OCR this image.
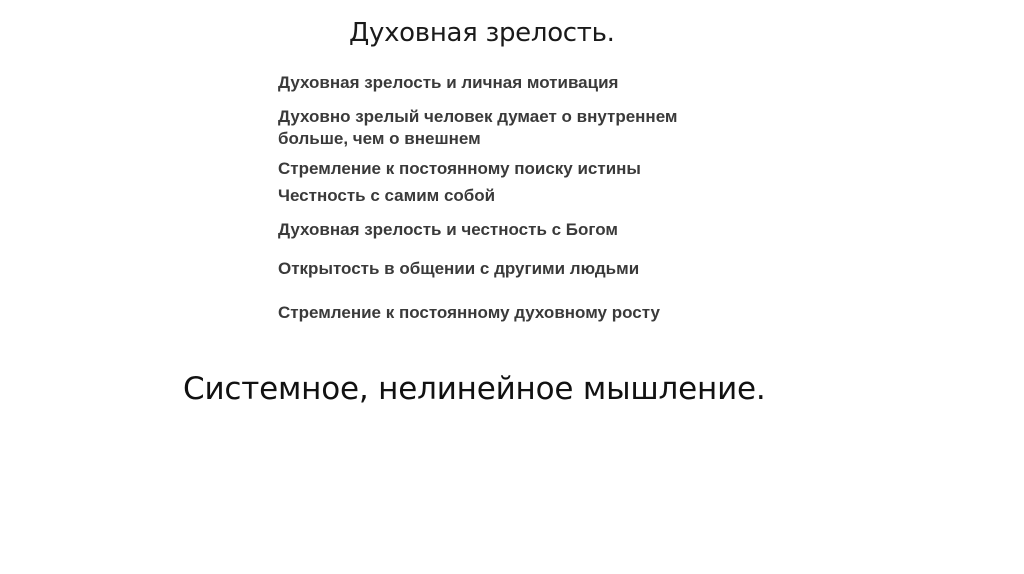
Духовная зрелость.
Духовная зрелость и личная мотивация
Духовно зрелый человек думает о внутреннем
больше, чем о внешнем
Стремление к постоянному поиску истины
Честность с самим собой
Духовная зрелость и честность с Богом
Открытость в общении с другими людьми
Стремление к постоянному духовному росту
Системное, нелинейное мышление.
